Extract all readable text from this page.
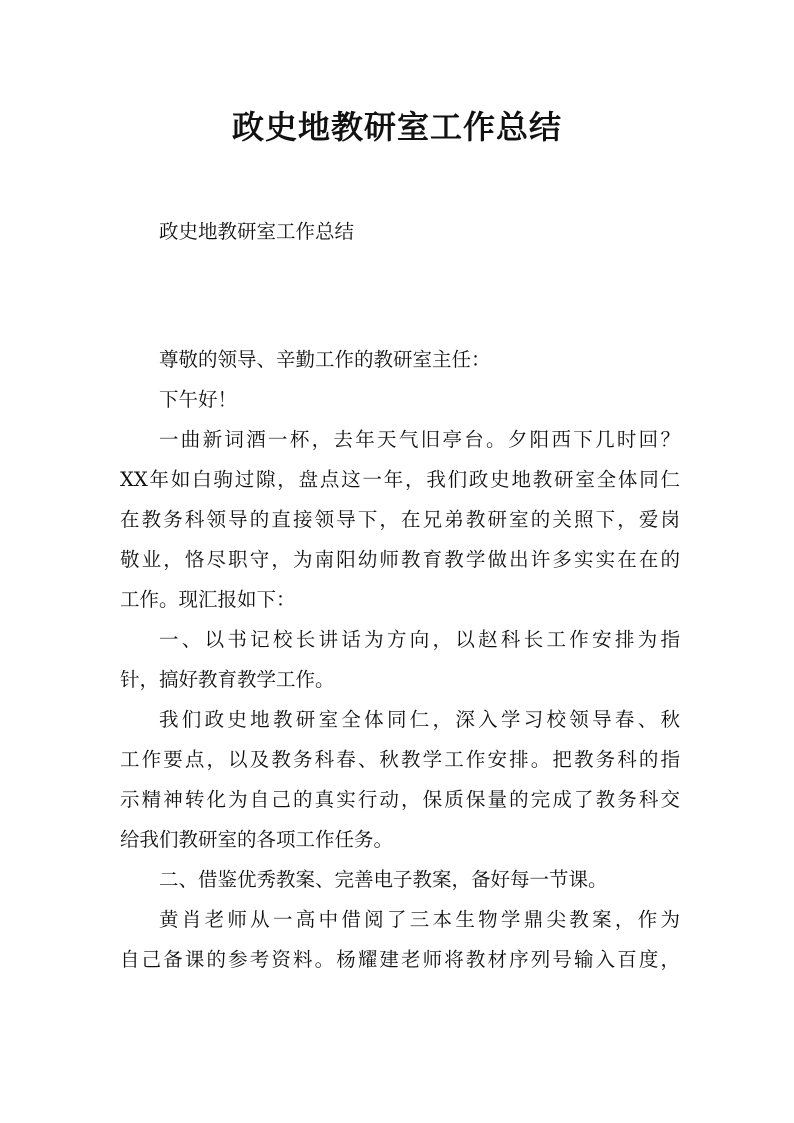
政史地教研室工作总结

政史地教研室工作总结

尊敬的领导、辛勤工作的教研室主任：

下午好！

一曲新词酒一杯，去年天气旧亭台。夕阳西下几时回？
XX年如白驹过隙，盘点这一年，我们政史地教研室全体同仁
在教务科领导的直接领导下，在兄弟教研室的关照下，爱岗
敬业，恪尽职守，为南阳幼师教育教学做出许多实实在在的
工作。现汇报如下：

一、以书记校长讲话为方向，以赵科长工作安排为指
针，搞好教育教学工作。

我们政史地教研室全体同仁，深入学习校领导春、秋
工作要点，以及教务科春、秋教学工作安排。把教务科的指
示精神转化为自己的真实行动，保质保量的完成了教务科交
给我们教研室的各项工作任务。

二、借鉴优秀教案、完善电子教案，备好每一节课。

黄肖老师从一高中借阅了三本生物学鼎尖教案，作为
自己备课的参考资料。杨耀建老师将教材序列号输入百度，
